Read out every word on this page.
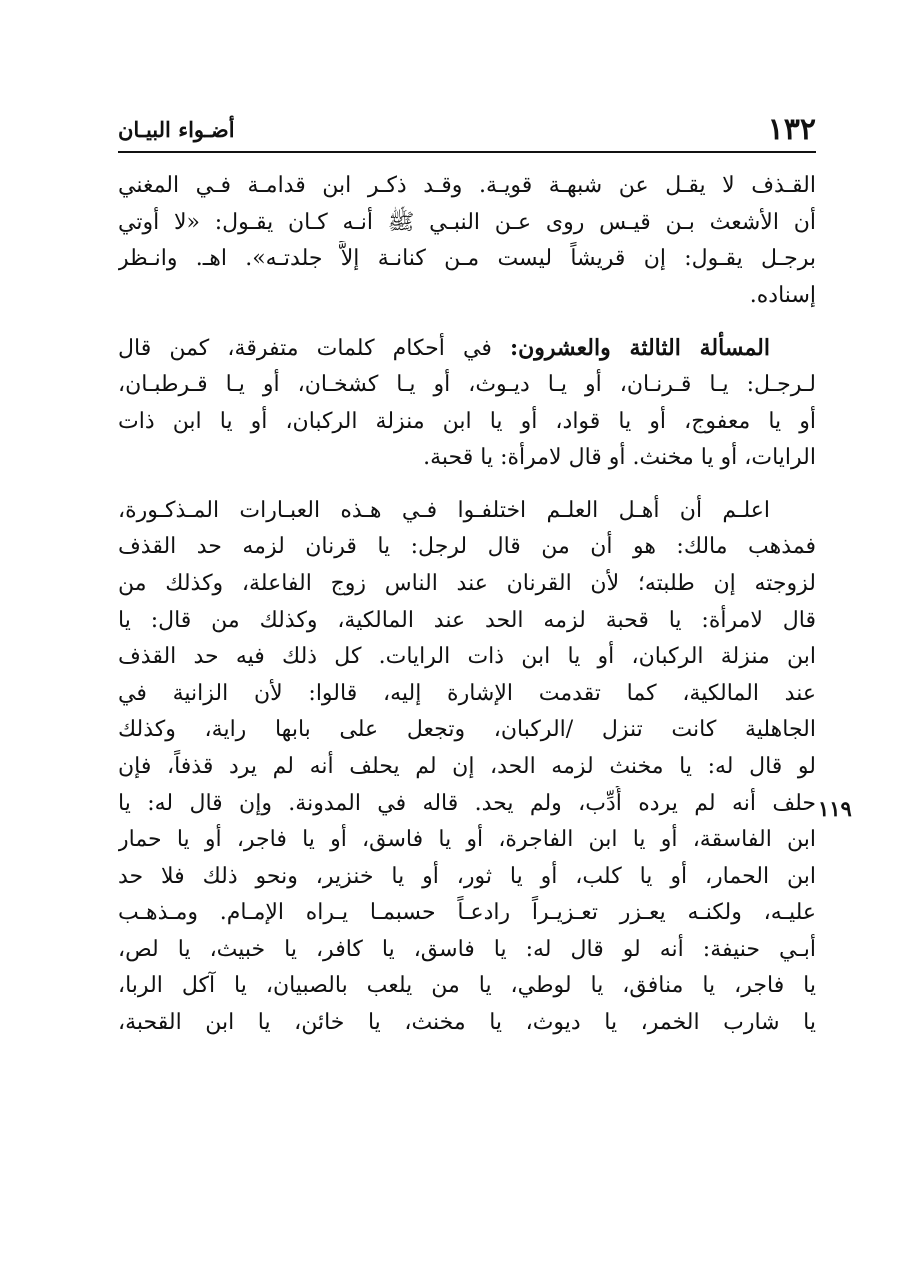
١٣٢
أضـواء البيـان
١١٩
القـذف لا يقـل عن شبهـة قويـة. وقـد ذكـر ابن قدامـة فـي المغني
أن الأشعث بـن قيـس روى عـن النبـي ﷺ أنـه كـان يقـول: «لا أوتي
برجـل يقـول: إن قريشاً ليست مـن كنانـة إلاَّ جلدتـه». اهـ. وانـظر
إسناده.
المسألة الثالثة والعشرون: في أحكام كلمات متفرقة، كمن قال
لـرجـل: يـا قـرنـان، أو يـا ديـوث، أو يـا كشخـان، أو يـا قـرطبـان،
أو يا معفوج، أو يا قواد، أو يا ابن منزلة الركبان، أو يا ابن ذات
الرايات، أو يا مخنث. أو قال لامرأة: يا قحبة.
اعلـم أن أهـل العلـم اختلفـوا فـي هـذه العبـارات المـذكـورة،
فمذهب مالك: هو أن من قال لرجل: يا قرنان لزمه حد القذف
لزوجته إن طلبته؛ لأن القرنان عند الناس زوج الفاعلة، وكذلك من
قال لامرأة: يا قحبة لزمه الحد عند المالكية، وكذلك من قال: يا
ابن منزلة الركبان، أو يا ابن ذات الرايات. كل ذلك فيه حد القذف
عند المالكية، كما تقدمت الإشارة إليه، قالوا: لأن الزانية في
الجاهلية كانت تنزل /الركبان، وتجعل على بابها راية، وكذلك
لو قال له: يا مخنث لزمه الحد، إن لم يحلف أنه لم يرد قذفاً، فإن
حلف أنه لم يرده أُدِّب، ولم يحد. قاله في المدونة. وإن قال له: يا
ابن الفاسقة، أو يا ابن الفاجرة، أو يا فاسق، أو يا فاجر، أو يا حمار
ابن الحمار، أو يا كلب، أو يا ثور، أو يا خنزير، ونحو ذلك فلا حد
عليـه، ولكنـه يعـزر تعـزيـراً رادعـاً حسبمـا يـراه الإمـام. ومـذهـب
أبـي حنيفة: أنه لو قال له: يا فاسق، يا كافر، يا خبيث، يا لص،
يا فاجر، يا منافق، يا لوطي، يا من يلعب بالصبيان، يا آكل الربا،
يا شارب الخمر، يا ديوث، يا مخنث، يا خائن، يا ابن القحبة،
